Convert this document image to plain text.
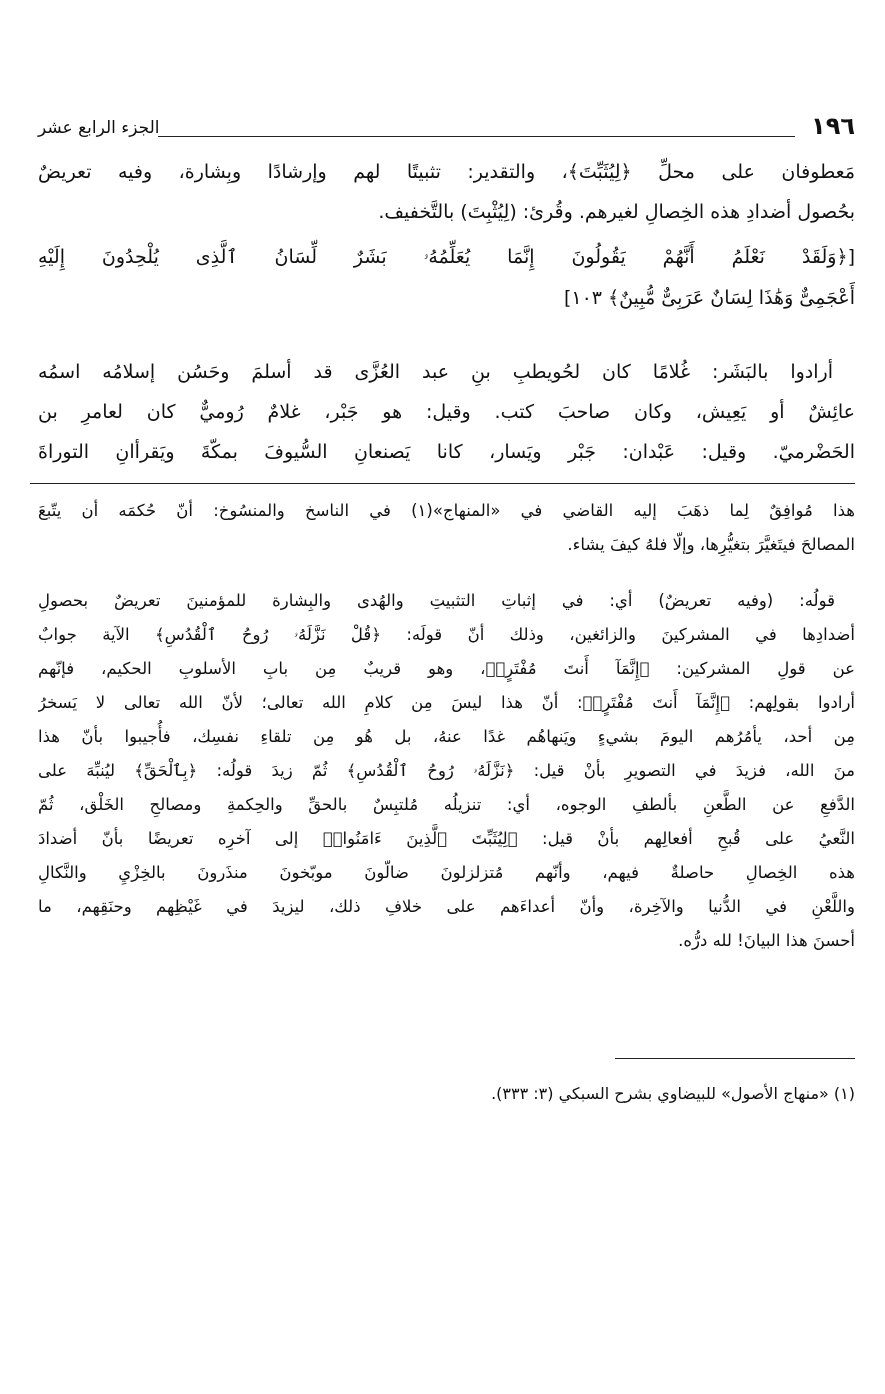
١٩٦
الجزء الرابع عشر
مَعطوفان على محلِّ ﴿لِيُثَبِّتَ﴾، والتقدير: تثبيتًا لهم وإرشادًا وبِشارة، وفيه تعريضٌ
بحُصول أضدادِ هذه الخِصالِ لغيرهم. وقُرئ: (لِيُثْبِتَ) بالتَّخفيف.
[﴿وَلَقَدْ نَعْلَمُ أَنَّهُمْ يَقُولُونَ إِنَّمَا يُعَلِّمُهُۥ بَشَرٌ لِّسَانُ ٱلَّذِى يُلْحِدُونَ إِلَيْهِ
أَعْجَمِىٌّ وَهَٰذَا لِسَانٌ عَرَبِىٌّ مُّبِينٌ﴾ ١٠٣]
أرادوا بالبَشَر: غُلامًا كان لحُويطبِ بنِ عبد العُزَّى قد أسلمَ وحَسُن إسلامُه اسمُه
عائِشٌ أو يَعِيش، وكان صاحبَ كتب. وقيل: هو جَبْر، غلامٌ رُوميٌّ كان لعامرِ بن
الحَضْرميّ. وقيل: عَبْدان: جَبْر ويَسار، كانا يَصنعانِ السُّيوفَ بمكّةَ ويَقرأانِ التوراةَ
هذا مُوافِقٌ لِما ذهَبَ إليه القاضي في «المنهاج»(١) في الناسخ والمنسُوخ: أنّ حُكمَه أن يتّبعَ
المصالحَ فيتَغيَّرَ بتغيُّرِها، وإلّا فلهُ كيفَ يشاء.
قولُه: (وفيه تعريضٌ) أي: في إثباتِ التثبيتِ والهُدى والبِشارة للمؤمنينَ تعريضٌ بحصولِ
أضدادِها في المشركينَ والزائغين، وذلك أنّ قولَه: ﴿قُلْ نَزَّلَهُۥ رُوحُ ٱلْقُدُسِ﴾ الآية جوابٌ
عن قولِ المشركين: ﴿إِنَّمَآ أَنتَ مُفْتَرٍۭ﴾، وهو قريبٌ مِن بابِ الأسلوبِ الحكيم، فإنّهم
أرادوا بقولِهم: ﴿إِنَّمَآ أَنتَ مُفْتَرٍۭ﴾: أنّ هذا ليسَ مِن كلامِ الله تعالى؛ لأنّ الله تعالى لا يَسخرُ
مِن أحد، يأمُرُهم اليومَ بشيءٍ ويَنهاهُم غدًا عنهُ، بل هُو مِن تلقاءِ نفسِك، فأُجيبوا بأنّ هذا
منَ الله، فزيدَ في التصويرِ بأنْ قيل: ﴿نَزَّلَهُۥ رُوحُ ٱلْقُدُسِ﴾ ثُمّ زيدَ قولُه: ﴿بِٱلْحَقِّ﴾ ليُنبِّهَ على
الدَّفعِ عن الطَّعنِ بألطفِ الوجوه، أي: تنزيلُه مُلتبِسٌ بالحقِّ والحِكمةِ ومصالحِ الخَلْق، ثُمّ
النَّعيُ على قُبحِ أفعالِهم بأنْ قيل: ﴿لِيُثَبِّتَ ٱلَّذِينَ ءَامَنُوا۟﴾ إلى آخرِه تعريضًا بأنّ أضدادَ
هذه الخِصالِ حاصلةٌ فيهم، وأنّهم مُتزلزلونَ ضالّونَ موبّخونَ منذَرونَ بالخِزْيِ والنَّكالِ
واللَّعْنِ في الدُّنيا والآخِرة، وأنّ أعداءَهم على خلافِ ذلك، ليزيدَ في غَيْظِهم وحنَقِهم، ما
أحسنَ هذا البيانَ! لله درُّه.
(١) «منهاج الأصول» للبيضاوي بشرح السبكي (٣: ٣٣٣).
